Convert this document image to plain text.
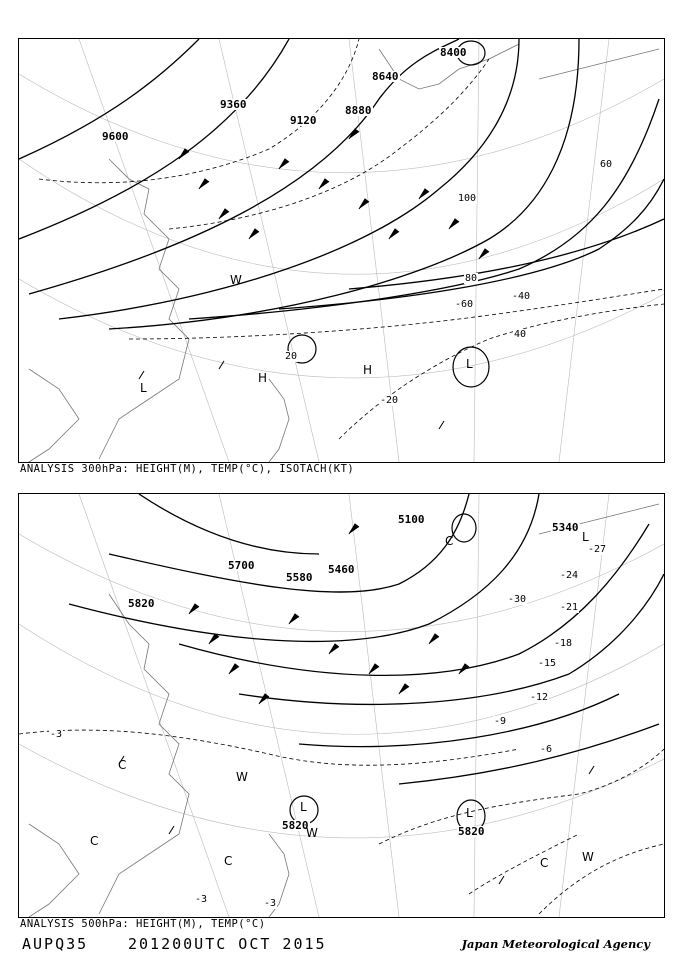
9600
9360
9120
8880
8640
8400
20
40
60
80
100
-20
-40
-60
H
H
L
L
W
ANALYSIS 300hPa: HEIGHT(M), TEMP(°C), ISOTACH(KT)
5100
5340
5460
5580
5700
5820
5820	5820
-3
-6
-9
-12
-15
-18
-21
-24
-27
-30
-3	-3
C
C
C
C	C
L
L	L
W
W
W
ANALYSIS 500hPa: HEIGHT(M), TEMP(°C)
AUPQ35	201200UTC OCT 2015	Japan Meteorological Agency
